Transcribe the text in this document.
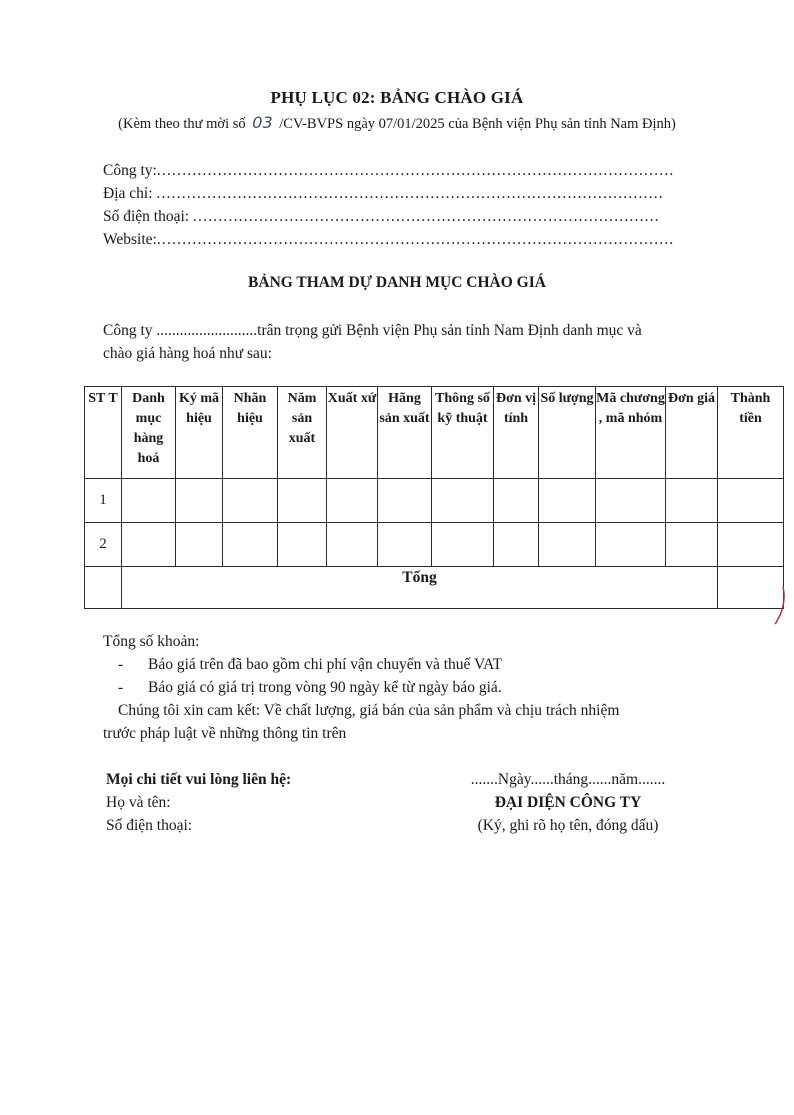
PHỤ LỤC 02: BẢNG CHÀO GIÁ
(Kèm theo thư mời số 03 /CV-BVPS ngày 07/01/2025 của Bệnh viện Phụ sản tỉnh Nam Định)
Công ty:......................................................................................................
Địa chỉ: ....................................................................................................
Số điện thoại: ............................................................................................
Website:......................................................................................................
BẢNG THAM DỰ DANH MỤC CHÀO GIÁ
Công ty ..........................trân trọng gửi Bệnh viện Phụ sản tỉnh Nam Định danh mục và
chào giá hàng hoá như sau:
ST T	Danh mục hàng hoá	Ký mã hiệu	Nhãn hiệu	Năm sản xuất	Xuất xứ	Hãng sản xuất	Thông số kỹ thuật	Đơn vị tính	Số lượng	Mã chương , mã nhóm	Đơn giá	Thành tiền
1												
2												
	Tổng											
Tổng số khoản:
- Báo giá trên đã bao gồm chi phí vận chuyển và thuế VAT
- Báo giá có giá trị trong vòng 90 ngày kể từ ngày báo giá.
Chúng tôi xin cam kết: Về chất lượng, giá bán của sản phẩm và chịu trách nhiệm
trước pháp luật về những thông tin trên
Mọi chi tiết vui lòng liên hệ:
Họ và tên:
Số điện thoại:
.......Ngày......tháng......năm.......
ĐẠI DIỆN CÔNG TY
(Ký, ghi rõ họ tên, đóng dấu)
